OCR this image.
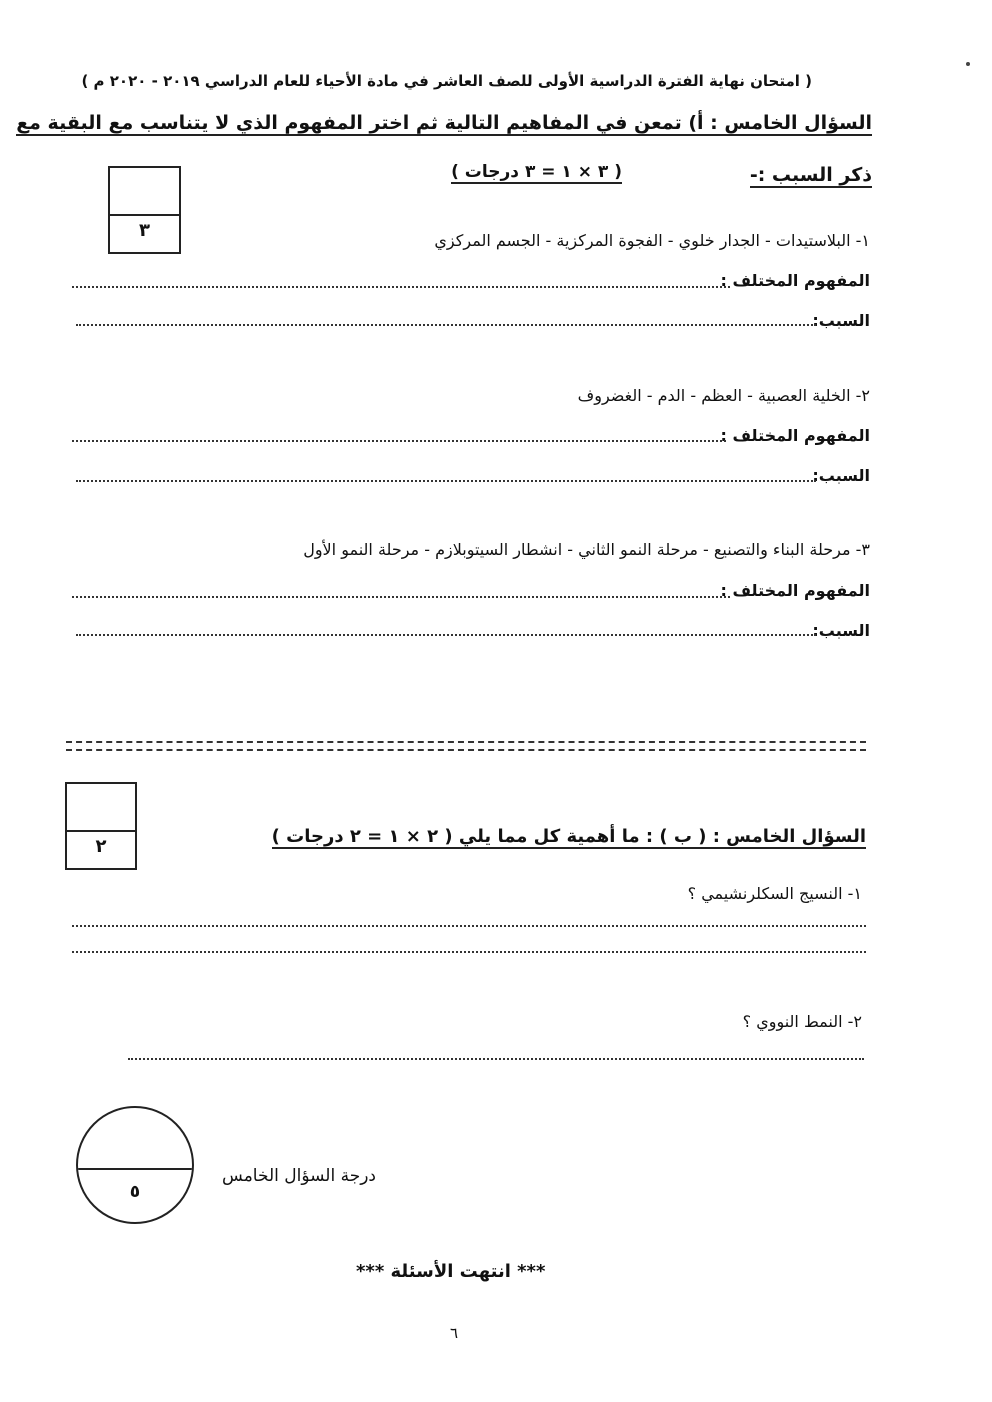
( امتحان نهاية الفترة الدراسية الأولى للصف العاشر في مادة الأحياء للعام الدراسي ٢٠١٩ - ٢٠٢٠ م )
السؤال الخامس : أ) تمعن في المفاهيم التالية ثم اختر المفهوم الذي لا يتناسب مع البقية مع
ذكر السبب :-
( ٣ × ١ = ٣ درجات )
٣	١- البلاستيدات - الجدار خلوي - الفجوة المركزية - الجسم المركزي
المفهوم المختلف :
السبب:
٢- الخلية العصبية - العظم - الدم - الغضروف
المفهوم المختلف :
السبب:
٣- مرحلة البناء والتصنيع - مرحلة النمو الثاني - انشطار السيتوبلازم - مرحلة النمو الأول
المفهوم المختلف :
السبب:
٢	السؤال الخامس : ( ب ) : ما أهمية كل مما يلي ( ٢ × ١ = ٢ درجات )
١- النسيج السكلرنشيمي ؟
٢- النمط النووي ؟
٥
درجة السؤال الخامس
*** انتهت الأسئلة ***
٦
